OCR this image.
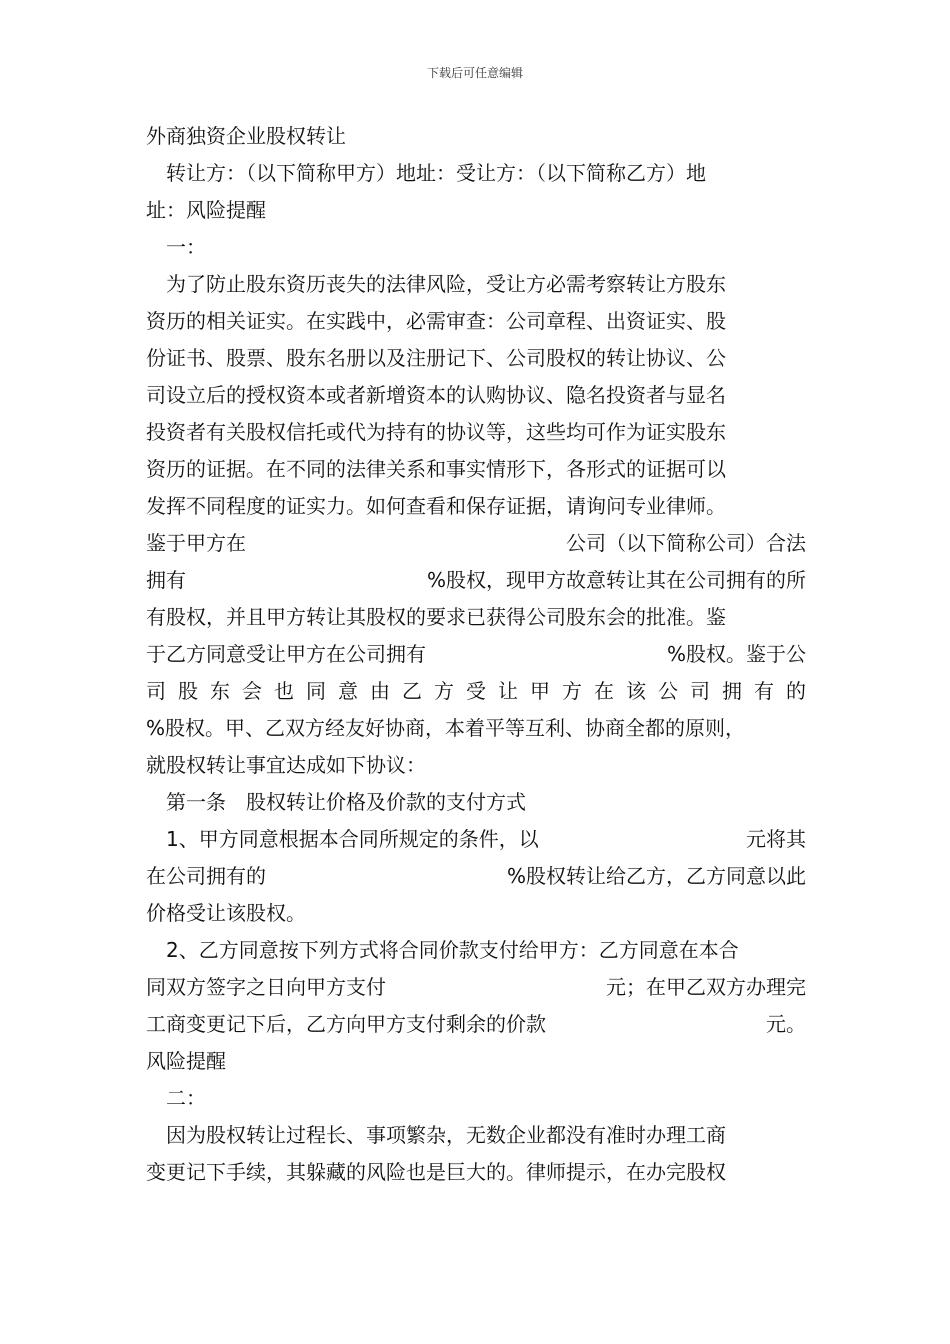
下载后可任意编辑
外商独资企业股权转让
转让方：（以下简称甲方）地址：受让方：（以下简称乙方）地
址：风险提醒
一：
为了防止股东资历丧失的法律风险，受让方必需考察转让方股东
资历的相关证实。在实践中，必需审查：公司章程、出资证实、股
份证书、股票、股东名册以及注册记下、公司股权的转让协议、公
司设立后的授权资本或者新增资本的认购协议、隐名投资者与显名
投资者有关股权信托或代为持有的协议等，这些均可作为证实股东
资历的证据。在不同的法律关系和事实情形下，各形式的证据可以
发挥不同程度的证实力。如何查看和保存证据，请询问专业律师。
鉴于甲方在	公司（以下简称公司）合法
拥有	%股权，现甲方故意转让其在公司拥有的所
有股权，并且甲方转让其股权的要求已获得公司股东会的批准。鉴
于乙方同意受让甲方在公司拥有	%股权。鉴于公
司股东会也同意由乙方受让甲方在该公司拥有的
%股权。甲、乙双方经友好协商，本着平等互利、协商全都的原则，
就股权转让事宜达成如下协议：
第一条　股权转让价格及价款的支付方式
1、甲方同意根据本合同所规定的条件，以	元将其
在公司拥有的	%股权转让给乙方，乙方同意以此
价格受让该股权。
2、乙方同意按下列方式将合同价款支付给甲方：乙方同意在本合
同双方签字之日向甲方支付	元；在甲乙双方办理完
工商变更记下后，乙方向甲方支付剩余的价款	元。
风险提醒
二：
因为股权转让过程长、事项繁杂，无数企业都没有准时办理工商
变更记下手续，其躲藏的风险也是巨大的。律师提示，在办完股权
